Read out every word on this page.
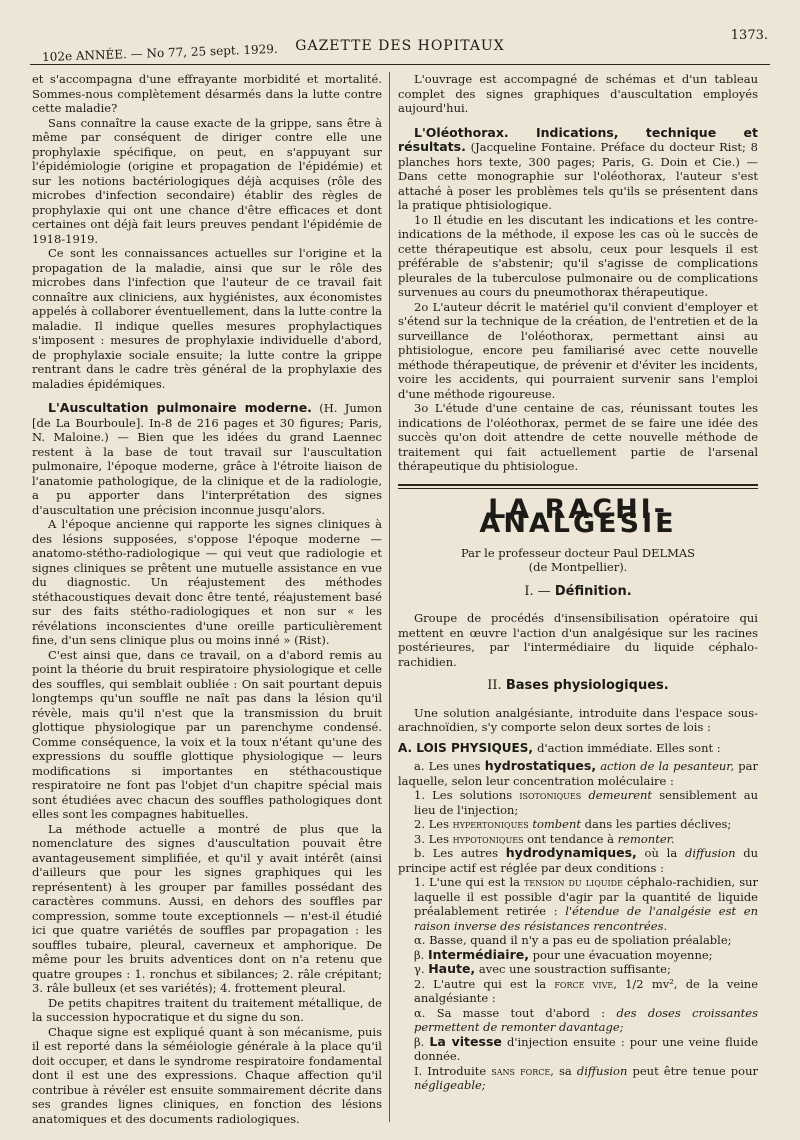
102e ANNÉE. — No 77, 25 sept. 1929.	GAZETTE DES HOPITAUX
1373.

et s'accompagna d'une effrayante morbidité et mortalité. Sommes-nous complètement désarmés dans la lutte contre cette maladie?

Sans connaître la cause exacte de la grippe, sans être à même par conséquent de diriger contre elle une prophylaxie spécifique, on peut, en s'appuyant sur l'épidémiologie (origine et propagation de l'épidémie) et sur les notions bactériologiques déjà acquises (rôle des microbes d'infection secondaire) établir des règles de prophylaxie qui ont une chance d'être efficaces et dont certaines ont déjà fait leurs preuves pendant l'épidémie de 1918-1919.

Ce sont les connaissances actuelles sur l'origine et la propagation de la maladie, ainsi que sur le rôle des microbes dans l'infection que l'auteur de ce travail fait connaître aux cliniciens, aux hygiénistes, aux économistes appelés à collaborer éventuellement, dans la lutte contre la maladie. Il indique quelles mesures prophylactiques s'imposent : mesures de prophylaxie individuelle d'abord, de prophylaxie sociale ensuite; la lutte contre la grippe rentrant dans le cadre très général de la prophylaxie des maladies épidémiques.

L'Auscultation pulmonaire moderne. (H. Jumon [de La Bourboule]. In-8 de 216 pages et 30 figures; Paris, N. Maloine.) — Bien que les idées du grand Laennec restent à la base de tout travail sur l'auscultation pulmonaire, l'époque moderne, grâce à l'étroite liaison de l'anatomie pathologique, de la clinique et de la radiologie, a pu apporter dans l'interprétation des signes d'auscultation une précision inconnue jusqu'alors.

A l'époque ancienne qui rapporte les signes cliniques à des lésions supposées, s'oppose l'époque moderne — anatomo-stétho-radiologique — qui veut que radiologie et signes cliniques se prêtent une mutuelle assistance en vue du diagnostic. Un réajustement des méthodes stéthacoustiques devait donc être tenté, réajustement basé sur des faits stétho-radiologiques et non sur « les révélations inconscientes d'une oreille particulièrement fine, d'un sens clinique plus ou moins inné » (Rist).

C'est ainsi que, dans ce travail, on a d'abord remis au point la théorie du bruit respiratoire physiologique et celle des souffles, qui semblait oubliée : On sait pourtant depuis longtemps qu'un souffle ne naît pas dans la lésion qu'il révèle, mais qu'il n'est que la transmission du bruit glottique physiologique par un parenchyme condensé. Comme conséquence, la voix et la toux n'étant qu'une des expressions du souffle glottique physiologique — leurs modifications si importantes en stéthacoustique respiratoire ne font pas l'objet d'un chapitre spécial mais sont étudiées avec chacun des souffles pathologiques dont elles sont les compagnes habituelles.

La méthode actuelle a montré de plus que la nomenclature des signes d'auscultation pouvait être avantageusement simplifiée, et qu'il y avait intérêt (ainsi d'ailleurs que pour les signes graphiques qui les représentent) à les grouper par familles possédant des caractères communs. Aussi, en dehors des souffles par compression, somme toute exceptionnels — n'est-il étudié ici que quatre variétés de souffles par propagation : les souffles tubaire, pleural, caverneux et amphorique. De même pour les bruits adventices dont on n'a retenu que quatre groupes : 1. ronchus et sibilances; 2. râle crépitant; 3. râle bulleux (et ses variétés); 4. frottement pleural.

De petits chapitres traitent du traitement métallique, de la succession hypocratique et du signe du son.

Chaque signe est expliqué quant à son mécanisme, puis il est reporté dans la séméiologie générale à la place qu'il doit occuper, et dans le syndrome respiratoire fondamental dont il est une des expressions. Chaque affection qu'il contribue à révéler est ensuite sommairement décrite dans ses grandes lignes cliniques, en fonction des lésions anatomiques et des documents radiologiques.

L'ouvrage est accompagné de schémas et d'un tableau complet des signes graphiques d'auscultation employés aujourd'hui.

L'Oléothorax. Indications, technique et résultats. (Jacqueline Fontaine. Préface du docteur Rist; 8 planches hors texte, 300 pages; Paris, G. Doin et Cie.) — Dans cette monographie sur l'oléothorax, l'auteur s'est attaché à poser les problèmes tels qu'ils se présentent dans la pratique phtisiologique.

1o Il étudie en les discutant les indications et les contre-indications de la méthode, il expose les cas où le succès de cette thérapeutique est absolu, ceux pour lesquels il est préférable de s'abstenir; qu'il s'agisse de complications pleurales de la tuberculose pulmonaire ou de complications survenues au cours du pneumothorax thérapeutique.

2o L'auteur décrit le matériel qu'il convient d'employer et s'étend sur la technique de la création, de l'entretien et de la surveillance de l'oléothorax, permettant ainsi au phtisiologue, encore peu familiarisé avec cette nouvelle méthode thérapeutique, de prévenir et d'éviter les incidents, voire les accidents, qui pourraient survenir sans l'emploi d'une méthode rigoureuse.

3o L'étude d'une centaine de cas, réunissant toutes les indications de l'oléothorax, permet de se faire une idée des succès qu'on doit attendre de cette nouvelle méthode de traitement qui fait actuellement partie de l'arsenal thérapeutique du phtisiologue.

LA RACHI-ANALGÉSIE
Par le professeur docteur Paul DELMAS
(de Montpellier).
I. — Définition.

Groupe de procédés d'insensibilisation opératoire qui mettent en œuvre l'action d'un analgésique sur les racines postérieures, par l'intermédiaire du liquide céphalo-rachidien.

II. Bases physiologiques.

Une solution analgésiante, introduite dans l'espace sous-arachnoïdien, s'y comporte selon deux sortes de lois :

A. LOIS PHYSIQUES, d'action immédiate. Elles sont :

a. Les unes hydrostatiques, action de la pesanteur, par laquelle, selon leur concentration moléculaire :

1. Les solutions isotoniques demeurent sensiblement au lieu de l'injection;

2. Les hypertoniques tombent dans les parties déclives;

3. Les hypotoniques ont tendance à remonter.

b. Les autres hydrodynamiques, où la diffusion du principe actif est réglée par deux conditions :

1. L'une qui est la tension du liquide céphalo-rachidien, sur laquelle il est possible d'agir par la quantité de liquide préalablement retirée : l'étendue de l'analgésie est en raison inverse des résistances rencontrées.

α. Basse, quand il n'y a pas eu de spoliation préalable;

β. Intermédiaire, pour une évacuation moyenne;

γ. Haute, avec une soustraction suffisante;

2. L'autre qui est la force vive, 1/2 mv², de la veine analgésiante :

α. Sa masse tout d'abord : des doses croissantes permettent de remonter davantage;

β. La vitesse d'injection ensuite : pour une veine fluide donnée.

I. Introduite sans force, sa diffusion peut être tenue pour négligeable;
